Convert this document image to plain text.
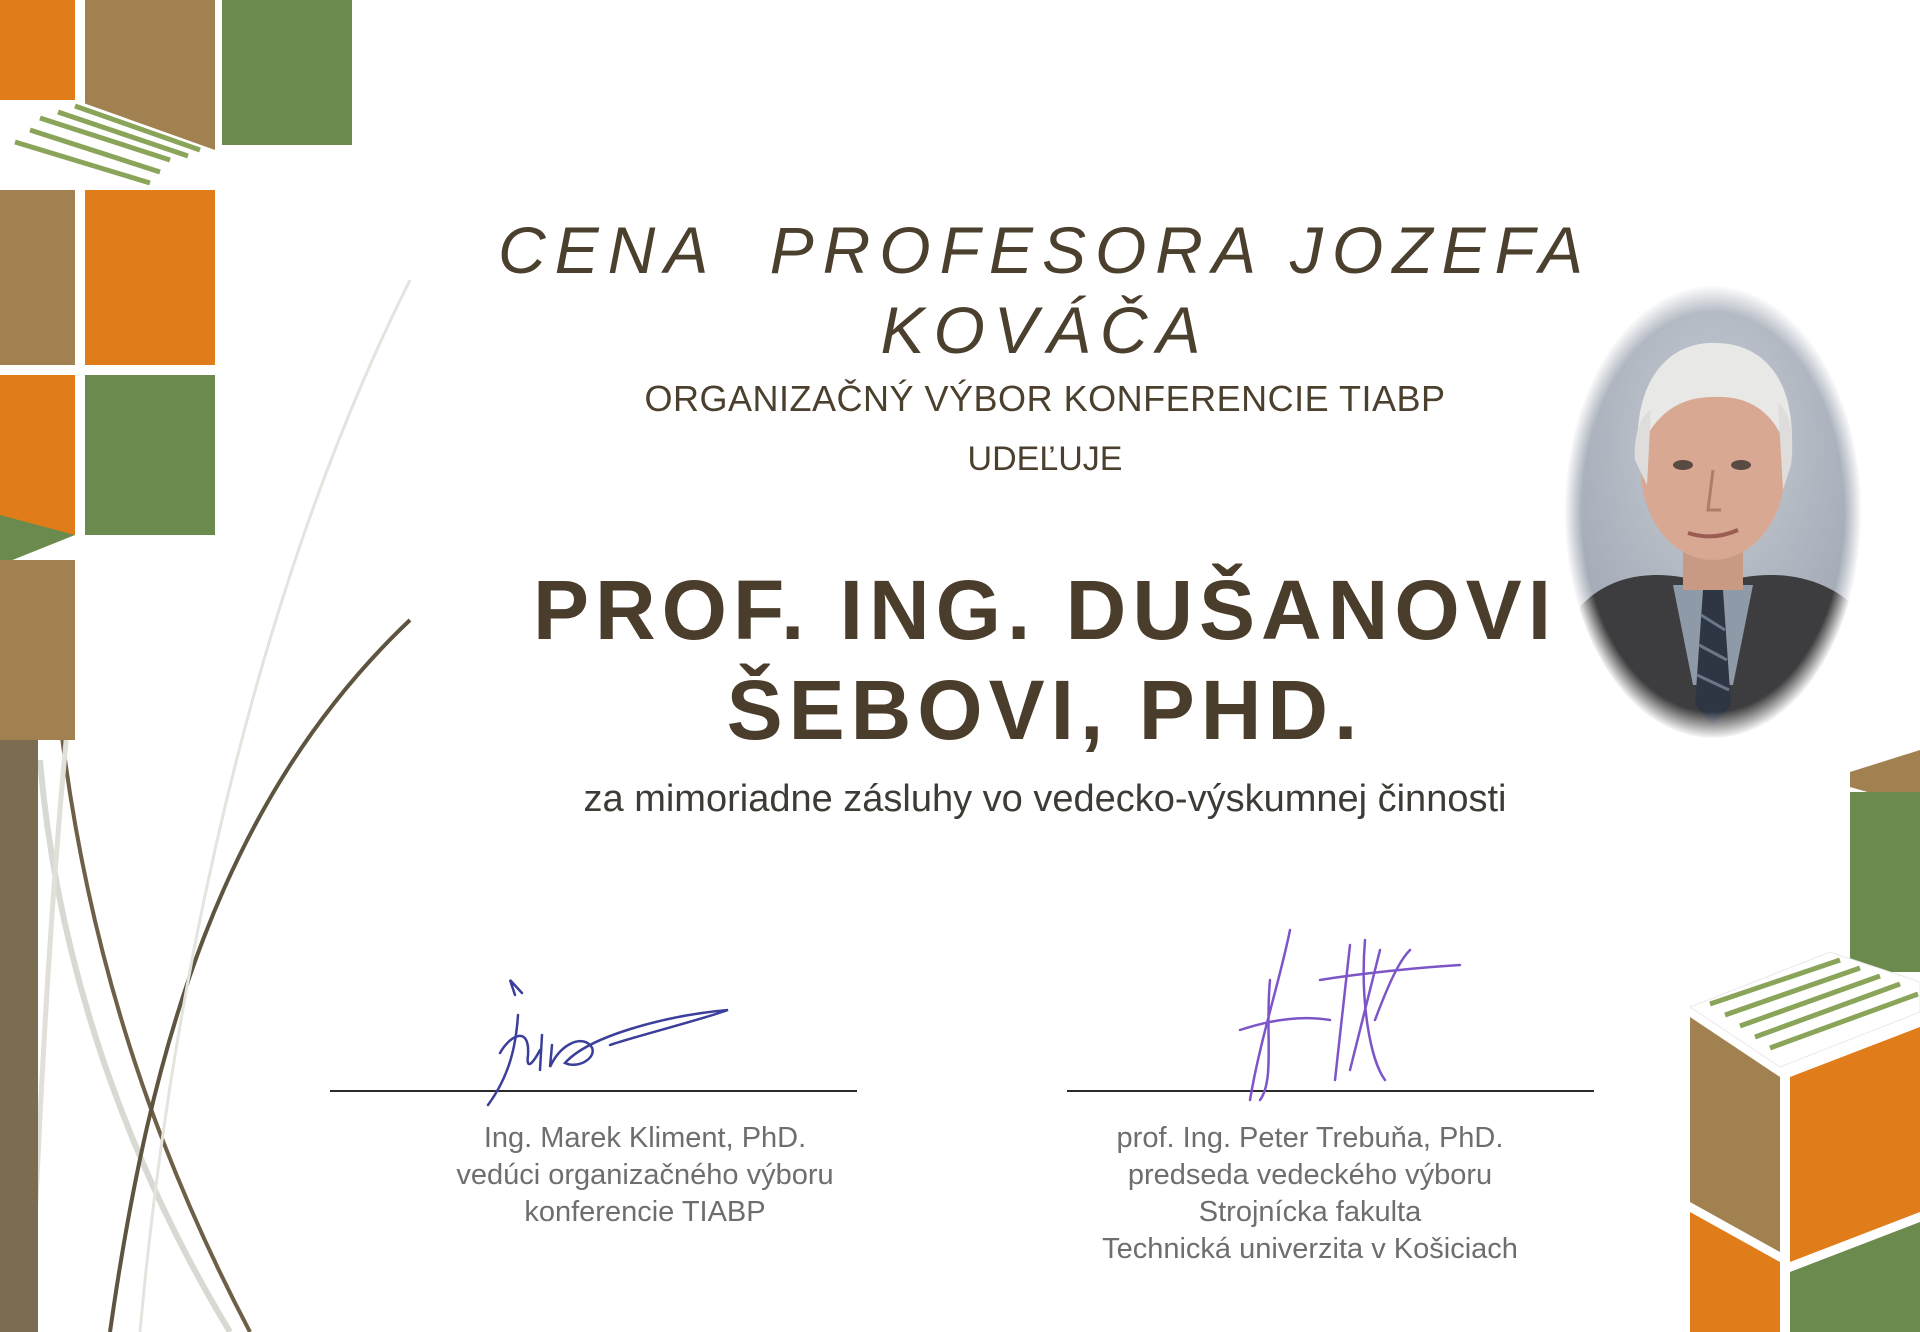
CENA  PROFESORA JOZEFA
KOVÁČA
ORGANIZAČNÝ VÝBOR KONFERENCIE TIABP
UDEĽUJE
PROF. ING. DUŠANOVI
ŠEBOVI, PHD.
za mimoriadne zásluhy vo vedecko-výskumnej činnosti
Ing. Marek Kliment, PhD.
vedúci organizačného výboru
konferencie TIABP
prof. Ing. Peter Trebuňa, PhD.
predseda vedeckého výboru
Strojnícka fakulta
Technická univerzita v Košiciach
